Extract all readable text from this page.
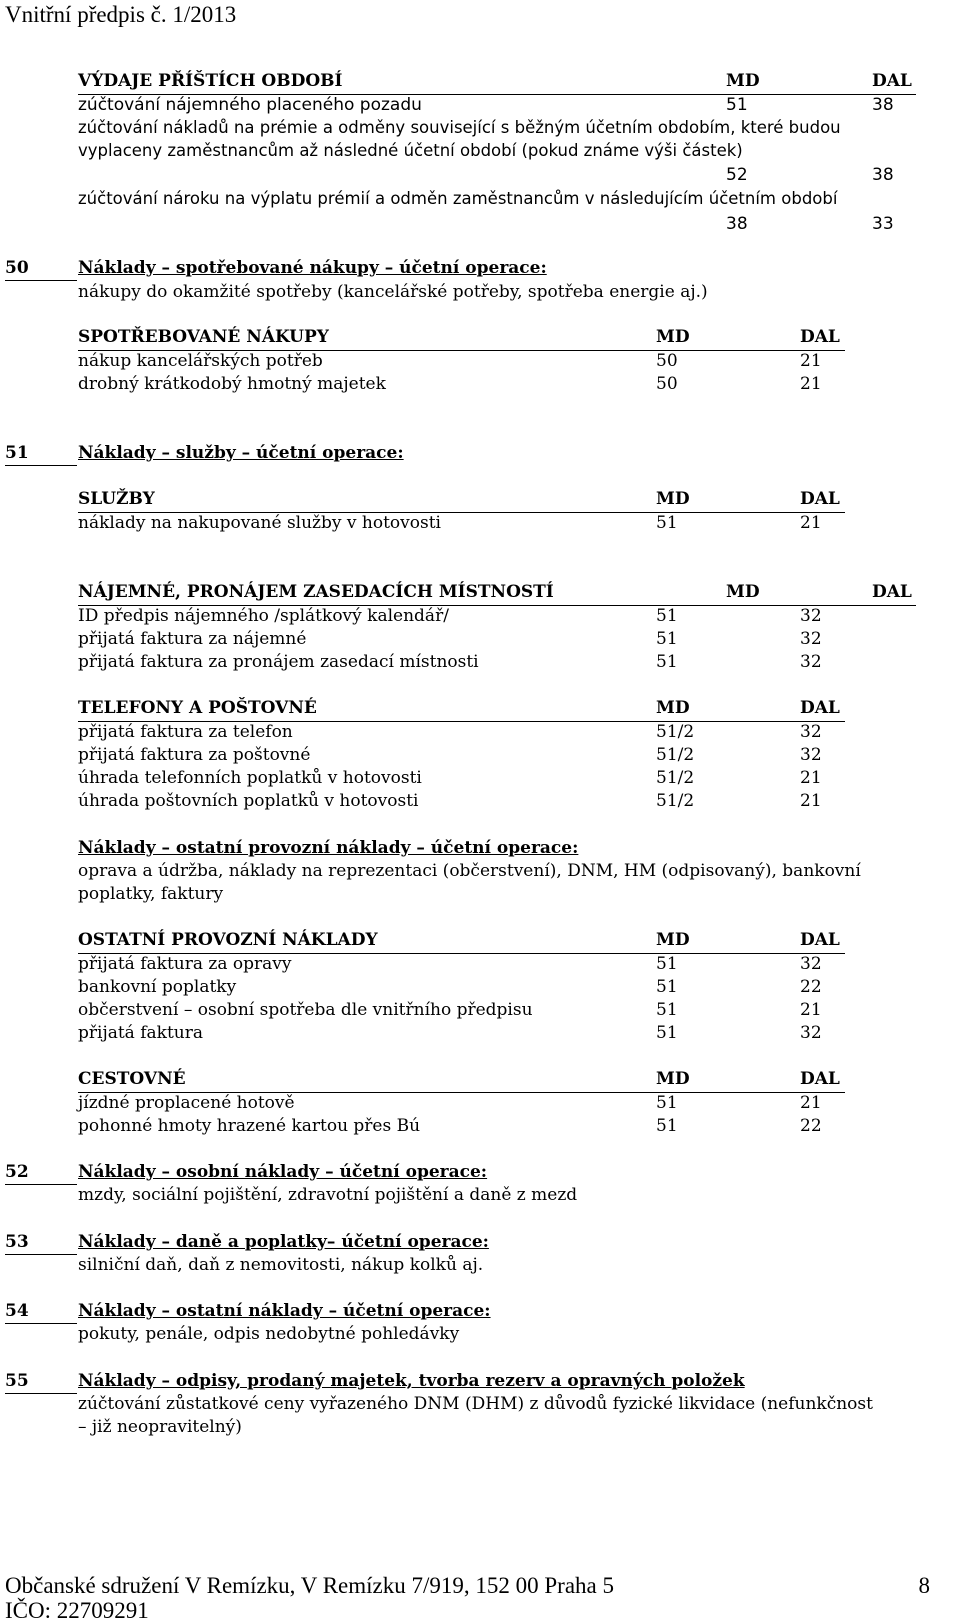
Vnitřní předpis č. 1/2013
VÝDAJE PŘÍŠTÍCH OBDOBÍ	MD	DAL
zúčtování nájemného placeného pozadu	51	38
zúčtování nákladů na prémie a odměny související s běžným účetním obdobím, které budou
vyplaceny zaměstnancům až následné účetní období (pokud známe výši částek)
52	38
zúčtování nároku na výplatu prémií a odměn zaměstnancům v následujícím účetním období
38	33
50	Náklady – spotřebované nákupy – účetní operace:
nákupy do okamžité spotřeby (kancelářské potřeby, spotřeba energie aj.)
SPOTŘEBOVANÉ NÁKUPY	MD	DAL
nákup kancelářských potřeb	50	21
drobný krátkodobý hmotný majetek	50	21
51	Náklady – služby – účetní operace:
SLUŽBY	MD	DAL
náklady na nakupované služby v hotovosti	51	21
NÁJEMNÉ, PRONÁJEM ZASEDACÍCH MÍSTNOSTÍ	MD	DAL
ID předpis nájemného /splátkový kalendář/	51	32
přijatá faktura za nájemné	51	32
přijatá faktura za pronájem zasedací místnosti	51	32
TELEFONY A POŠTOVNÉ	MD	DAL
přijatá faktura za telefon	51/2	32
přijatá faktura za poštovné	51/2	32
úhrada telefonních poplatků v hotovosti	51/2	21
úhrada poštovních poplatků v hotovosti	51/2	21
Náklady – ostatní provozní náklady – účetní operace:
oprava a údržba, náklady na reprezentaci (občerstvení), DNM, HM (odpisovaný), bankovní
poplatky, faktury
OSTATNÍ PROVOZNÍ NÁKLADY	MD	DAL
přijatá faktura za opravy	51	32
bankovní poplatky	51	22
občerstvení – osobní spotřeba dle vnitřního předpisu	51	21
přijatá faktura	51	32
CESTOVNÉ	MD	DAL
jízdné proplacené hotově	51	21
pohonné hmoty hrazené kartou přes Bú	51	22
52	Náklady – osobní náklady – účetní operace:
mzdy, sociální pojištění, zdravotní pojištění a daně z mezd
53	Náklady – daně a poplatky– účetní operace:
silniční daň, daň z nemovitosti, nákup kolků aj.
54	Náklady – ostatní náklady – účetní operace:
pokuty, penále, odpis nedobytné pohledávky
55	Náklady – odpisy, prodaný majetek, tvorba rezerv a opravných položek
zúčtování zůstatkové ceny vyřazeného DNM (DHM) z důvodů fyzické likvidace (nefunkčnost
– již neopravitelný)
Občanské sdružení V Remízku, V Remízku 7/919, 152 00 Praha 5	8
IČO: 22709291
